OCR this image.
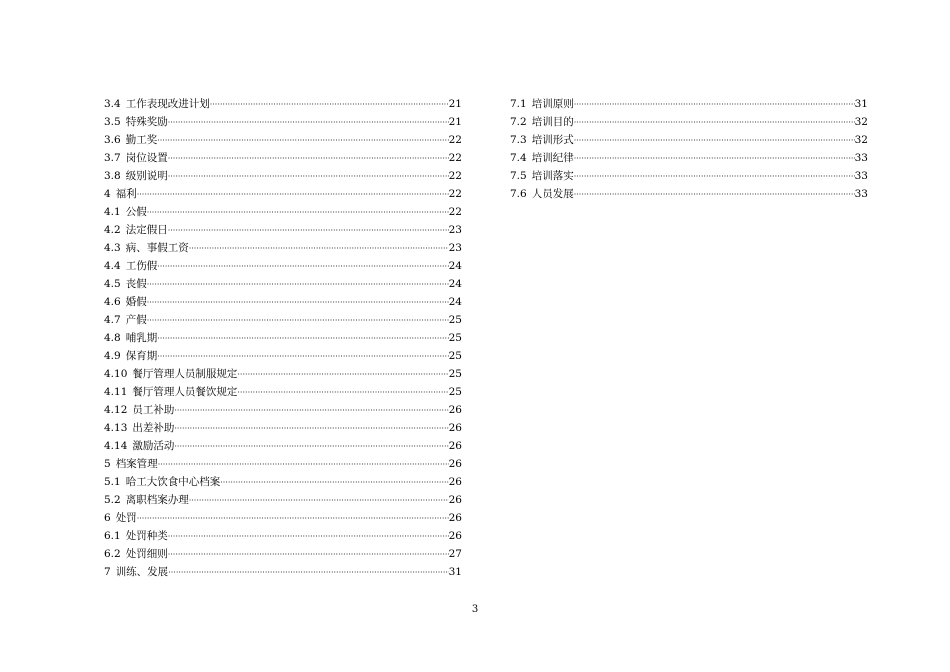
3.4 工作表现改进计划 ·····	21
3.5 特殊奖励 ·····	21
3.6 勤工奖 ·····	22
3.7 岗位设置 ·····	22
3.8 级别说明 ·····	22
4 福利 ·····	22
4.1 公假 ·····	22
4.2 法定假日 ·····	23
4.3 病、事假工资 ·····	23
4.4 工伤假 ·····	24
4.5 丧假 ·····	24
4.6 婚假 ·····	24
4.7 产假 ·····	25
4.8 哺乳期 ·····	25
4.9 保育期 ·····	25
4.10 餐厅管理人员制服规定 ·····	25
4.11 餐厅管理人员餐饮规定 ·····	25
4.12 员工补助 ·····	26
4.13 出差补助 ·····	26
4.14 激励活动 ·····	26
5 档案管理 ·····	26
5.1 哈工大饮食中心档案 ·····	26
5.2 离职档案办理 ·····	26
6 处罚 ·····	26
6.1 处罚种类 ·····	26
6.2 处罚细则 ·····	27
7 训练、发展 ·····	31
7.1 培训原则 ·····	31
7.2 培训目的 ·····	32
7.3 培训形式 ·····	32
7.4 培训纪律 ·····	33
7.5 培训落实 ·····	33
7.6 人员发展 ·····	33
3
